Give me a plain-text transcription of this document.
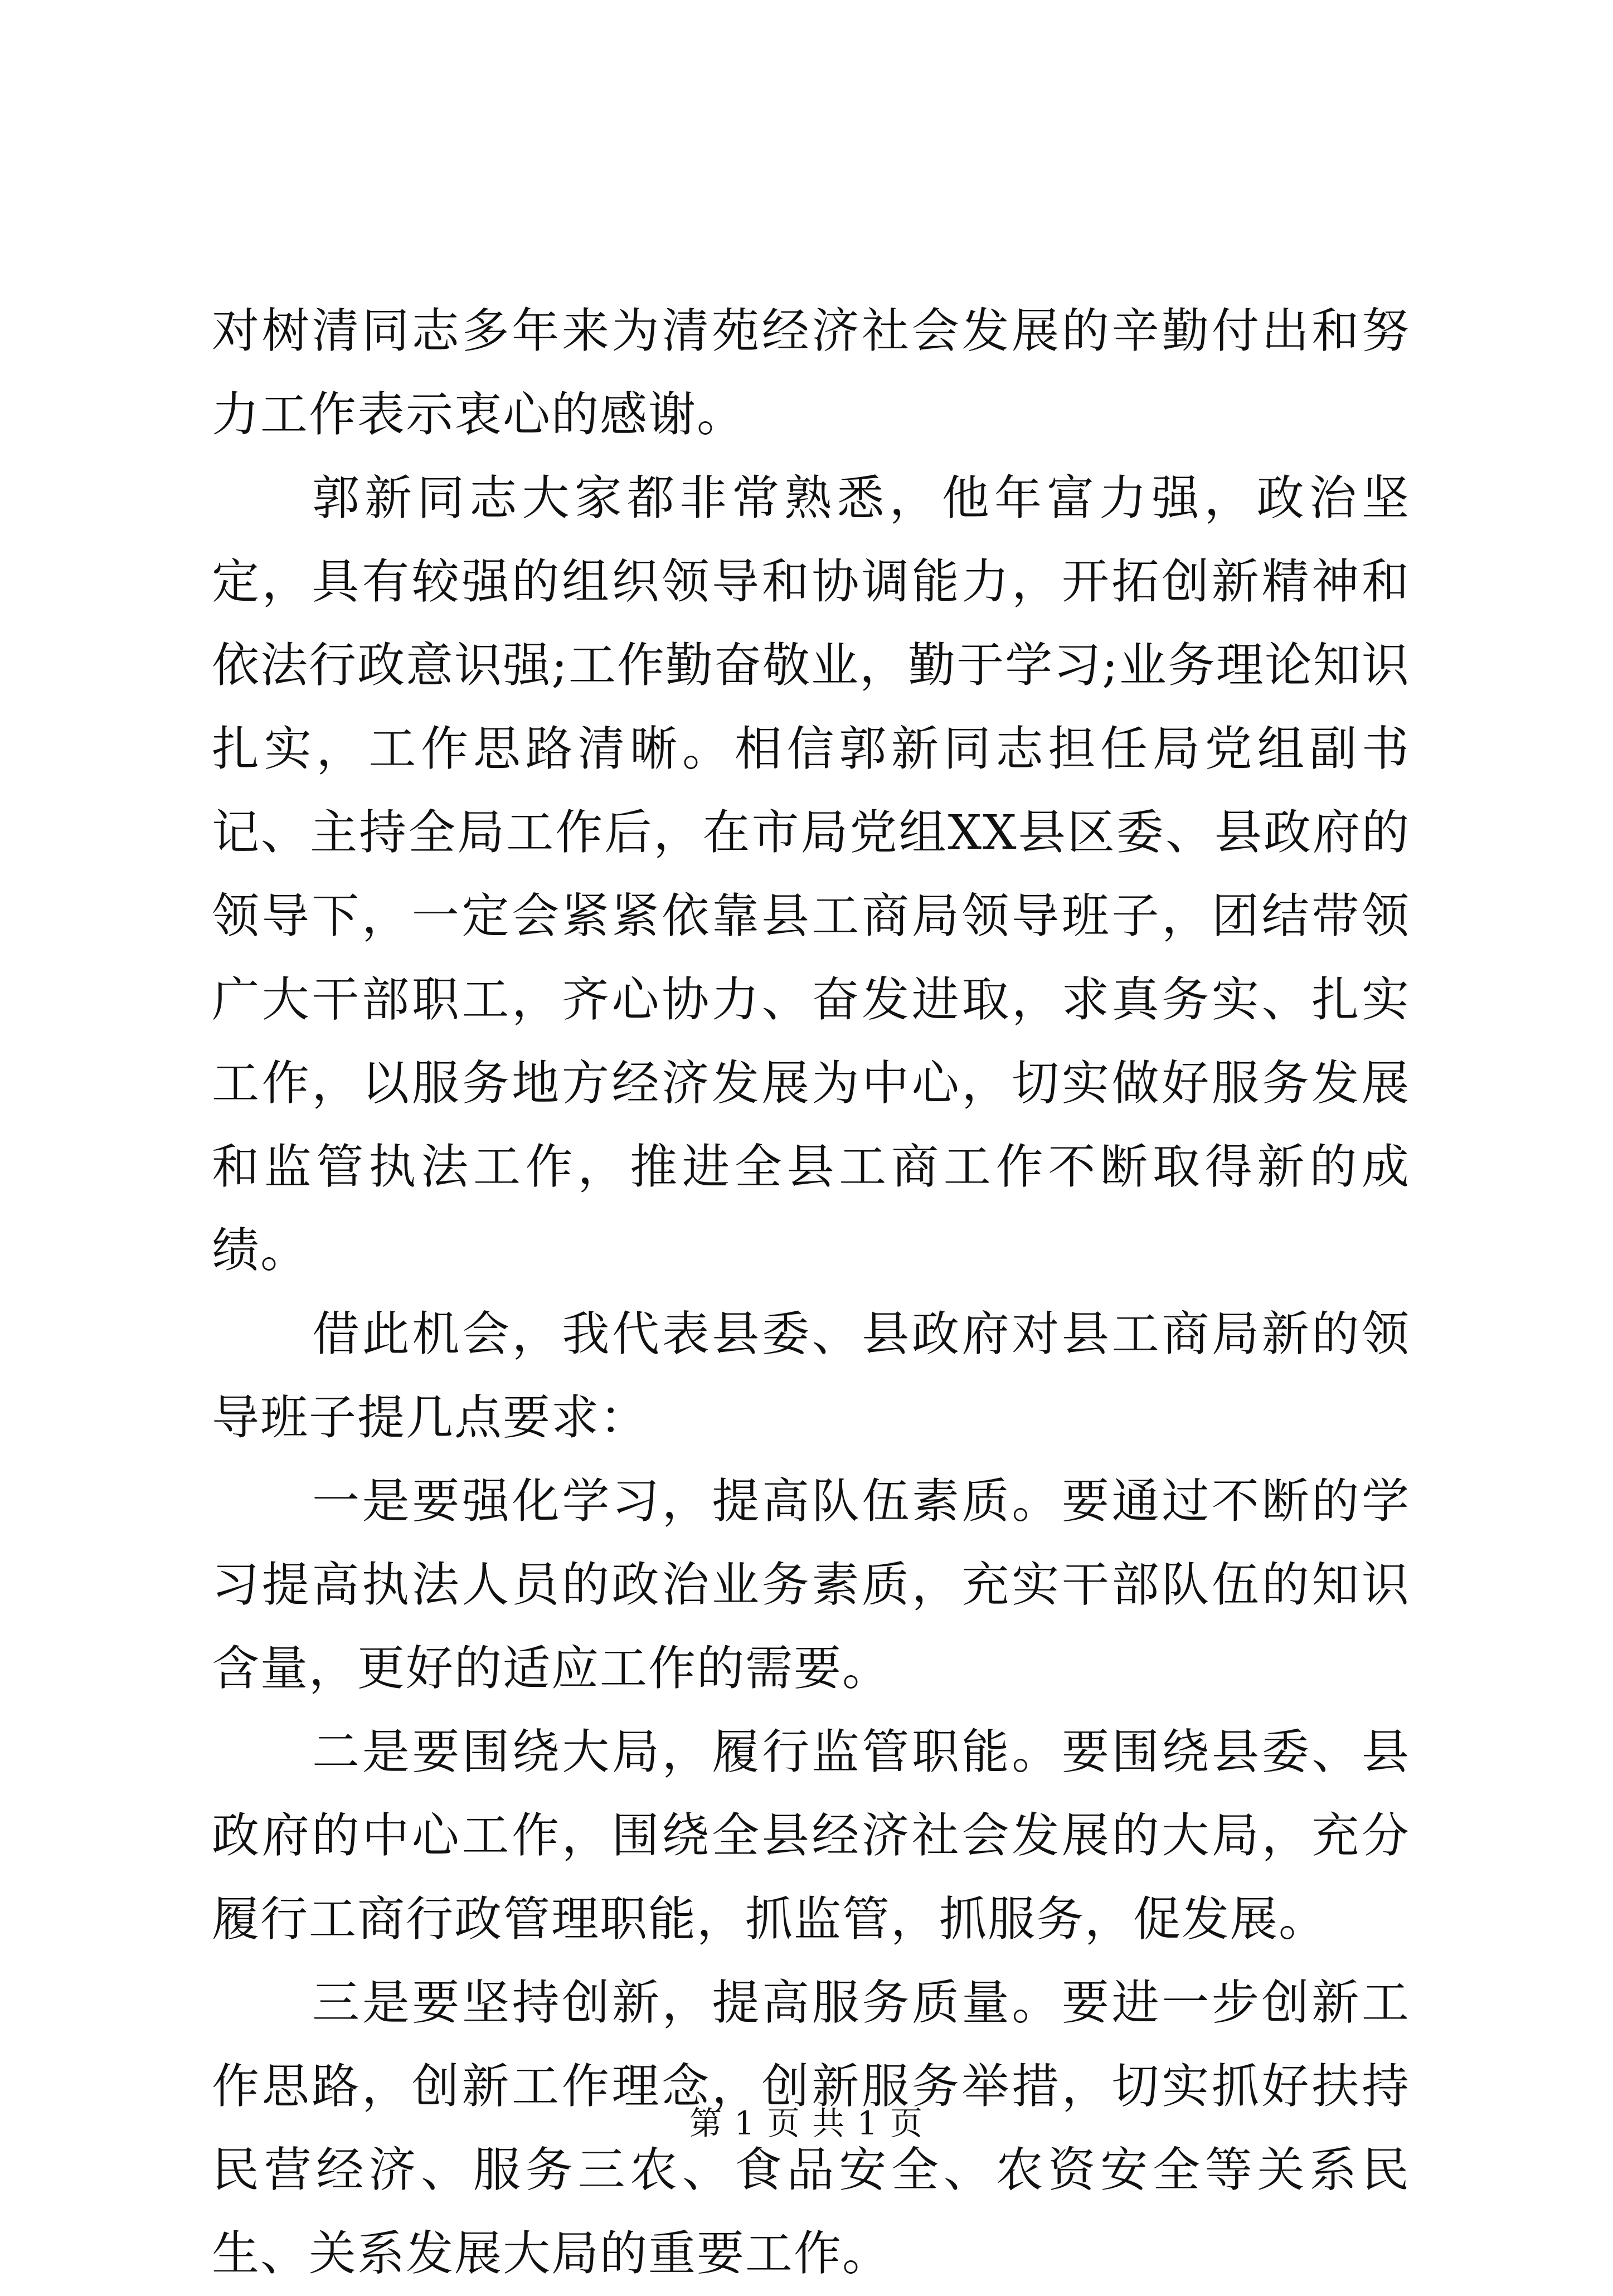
对树清同志多年来为清苑经济社会发展的辛勤付出和努力工作表示衷心的感谢。

郭新同志大家都非常熟悉，他年富力强，政治坚定，具有较强的组织领导和协调能力，开拓创新精神和依法行政意识强;工作勤奋敬业，勤于学习;业务理论知识扎实，工作思路清晰。相信郭新同志担任局党组副书记、主持全局工作后，在市局党组XX县区委、县政府的领导下，一定会紧紧依靠县工商局领导班子，团结带领广大干部职工，齐心协力、奋发进取，求真务实、扎实工作，以服务地方经济发展为中心，切实做好服务发展和监管执法工作，推进全县工商工作不断取得新的成绩。

借此机会，我代表县委、县政府对县工商局新的领导班子提几点要求：

一是要强化学习，提高队伍素质。要通过不断的学习提高执法人员的政治业务素质，充实干部队伍的知识含量，更好的适应工作的需要。

二是要围绕大局，履行监管职能。要围绕县委、县政府的中心工作，围绕全县经济社会发展的大局，充分履行工商行政管理职能，抓监管，抓服务，促发展。

三是要坚持创新，提高服务质量。要进一步创新工作思路，创新工作理念，创新服务举措，切实抓好扶持民营经济、服务三农、食品安全、农资安全等关系民生、关系发展大局的重要工作。

第 1 页 共 1 页
